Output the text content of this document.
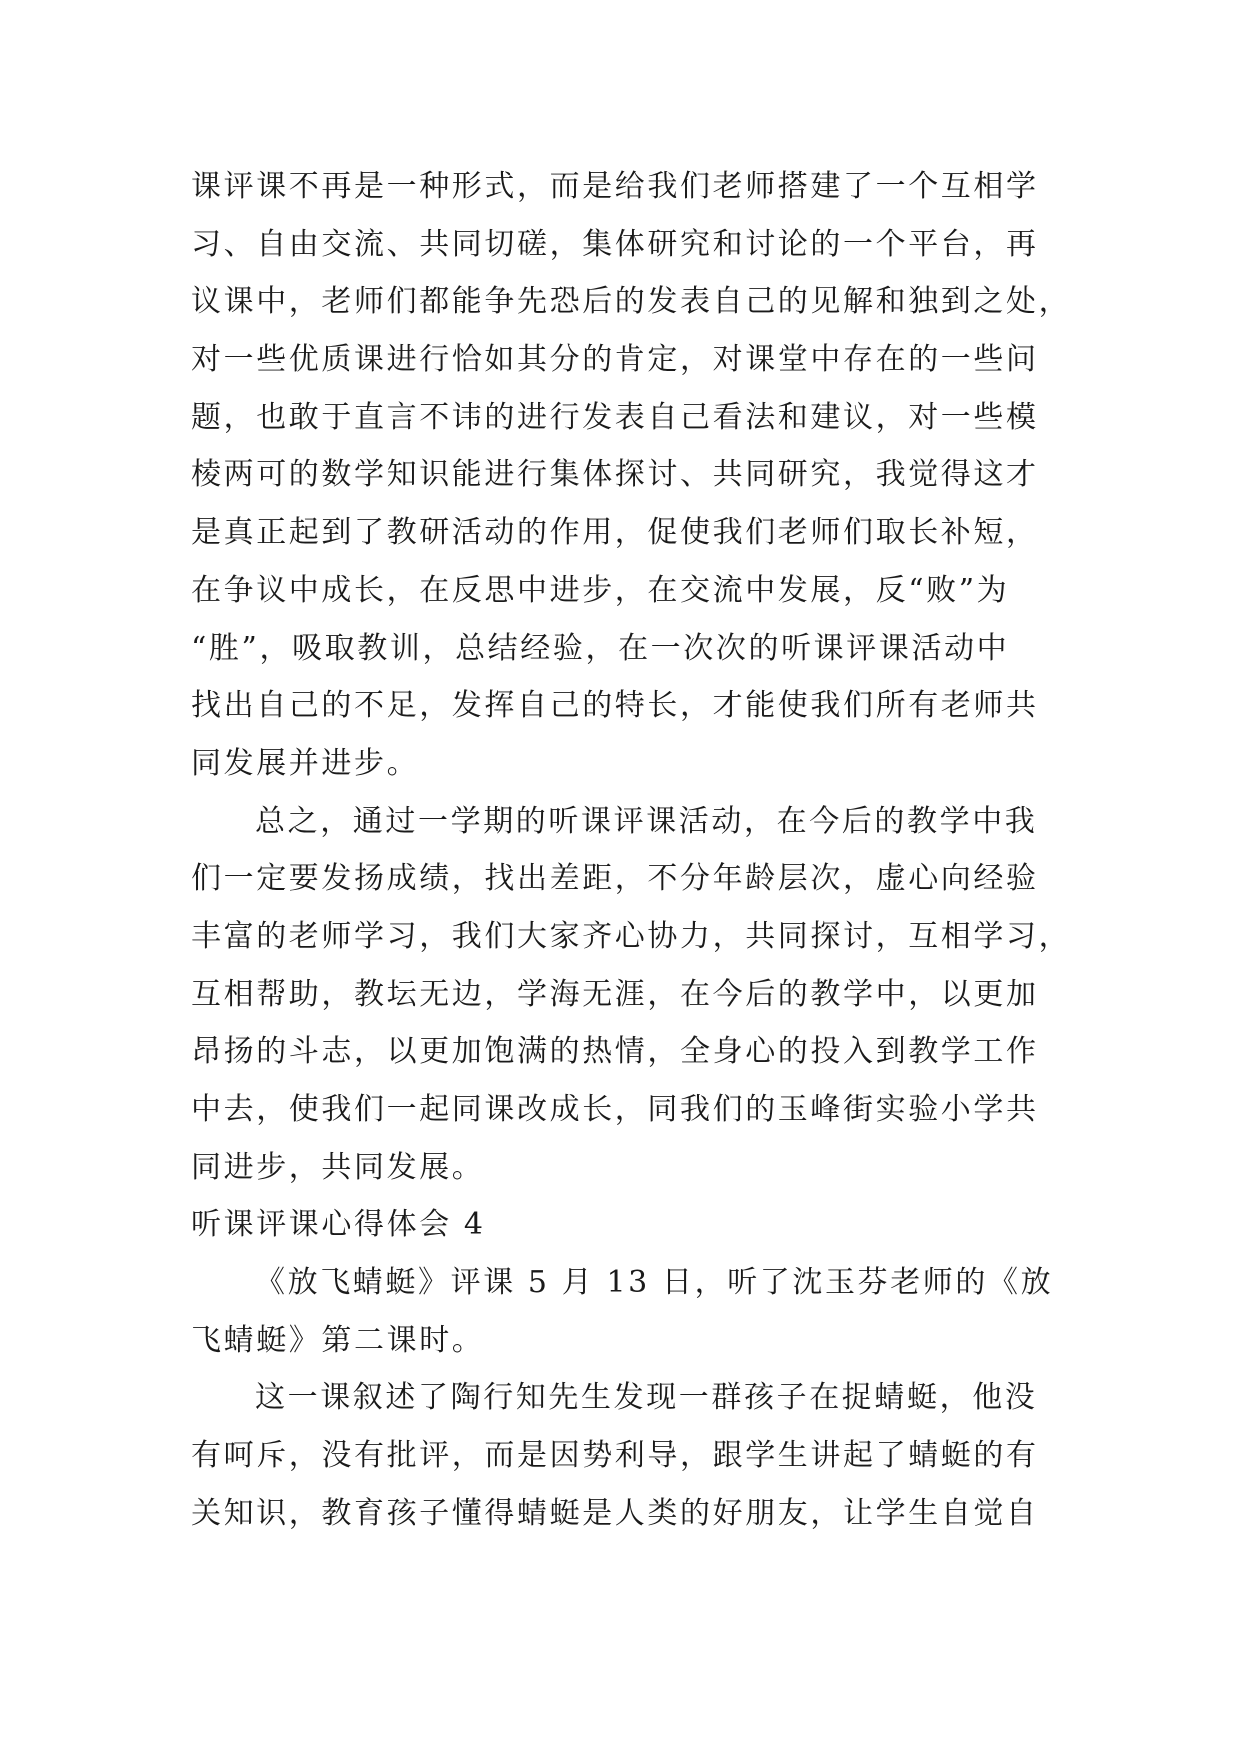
课评课不再是一种形式，而是给我们老师搭建了一个互相学
习、自由交流、共同切磋，集体研究和讨论的一个平台，再
议课中，老师们都能争先恐后的发表自己的见解和独到之处，
对一些优质课进行恰如其分的肯定，对课堂中存在的一些问
题，也敢于直言不讳的进行发表自己看法和建议，对一些模
棱两可的数学知识能进行集体探讨、共同研究，我觉得这才
是真正起到了教研活动的作用，促使我们老师们取长补短，
在争议中成长，在反思中进步，在交流中发展，反“败”为
“胜”，吸取教训，总结经验，在一次次的听课评课活动中
找出自己的不足，发挥自己的特长，才能使我们所有老师共
同发展并进步。
总之，通过一学期的听课评课活动，在今后的教学中我
们一定要发扬成绩，找出差距，不分年龄层次，虚心向经验
丰富的老师学习，我们大家齐心协力，共同探讨，互相学习，
互相帮助，教坛无边，学海无涯，在今后的教学中，以更加
昂扬的斗志，以更加饱满的热情，全身心的投入到教学工作
中去，使我们一起同课改成长，同我们的玉峰街实验小学共
同进步，共同发展。
听课评课心得体会 4
《放飞蜻蜓》评课 5 月 13 日，听了沈玉芬老师的《放
飞蜻蜓》第二课时。
这一课叙述了陶行知先生发现一群孩子在捉蜻蜓，他没
有呵斥，没有批评，而是因势利导，跟学生讲起了蜻蜓的有
关知识，教育孩子懂得蜻蜓是人类的好朋友，让学生自觉自
